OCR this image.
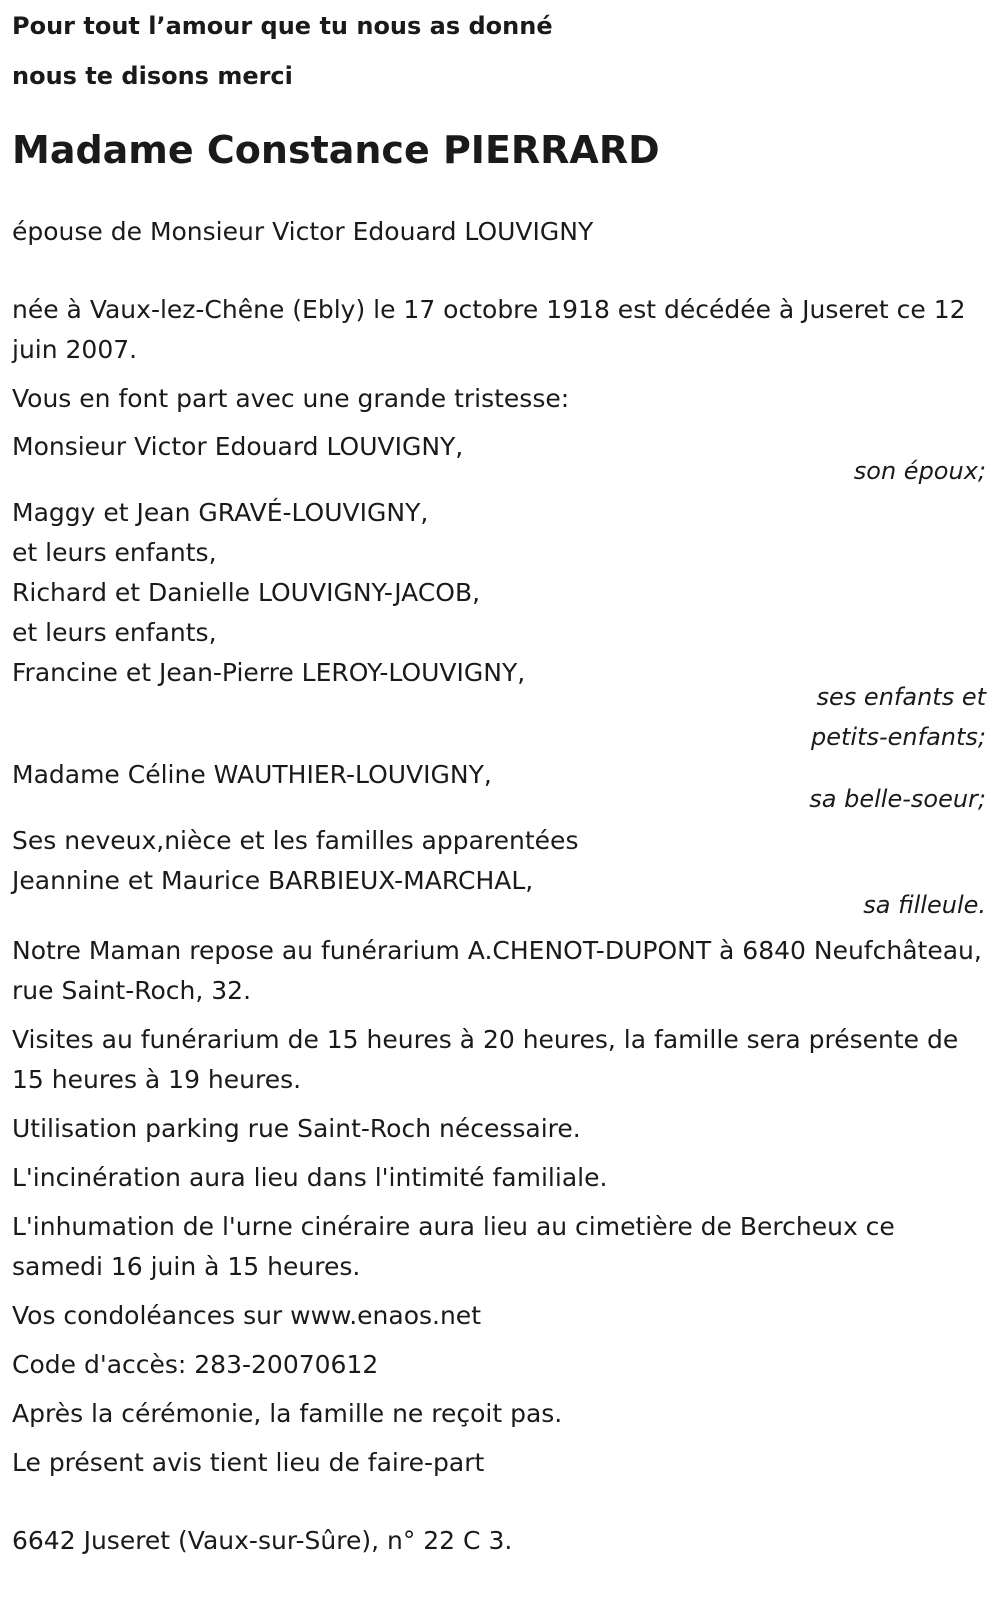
Pour tout l’amour que tu nous as donné
nous te disons merci
Madame Constance PIERRARD
épouse de Monsieur Victor Edouard LOUVIGNY
née à Vaux-lez-Chêne (Ebly) le 17 octobre 1918 est décédée à Juseret ce 12 juin 2007.
Vous en font part avec une grande tristesse:
Monsieur Victor Edouard LOUVIGNY,
son époux;
Maggy et Jean GRAVÉ-LOUVIGNY,
et leurs enfants,
Richard et Danielle LOUVIGNY-JACOB,
et leurs enfants,
Francine et Jean-Pierre LEROY-LOUVIGNY,
ses enfants et
petits-enfants;
Madame Céline WAUTHIER-LOUVIGNY,
sa belle-soeur;
Ses neveux,nièce et les familles apparentées
Jeannine et Maurice BARBIEUX-MARCHAL,
sa filleule.
Notre Maman repose au funérarium A.CHENOT-DUPONT à 6840 Neufchâteau, rue Saint-Roch, 32.
Visites au funérarium de 15 heures à 20 heures, la famille sera présente de 15 heures à 19 heures.
Utilisation parking rue Saint-Roch nécessaire.
L'incinération aura lieu dans l'intimité familiale.
L'inhumation de l'urne cinéraire aura lieu au cimetière de Bercheux ce samedi 16 juin à 15 heures.
Vos condoléances sur www.enaos.net
Code d'accès: 283-20070612
Après la cérémonie, la famille ne reçoit pas.
Le présent avis tient lieu de faire-part
6642 Juseret (Vaux-sur-Sûre), n° 22 C 3.
